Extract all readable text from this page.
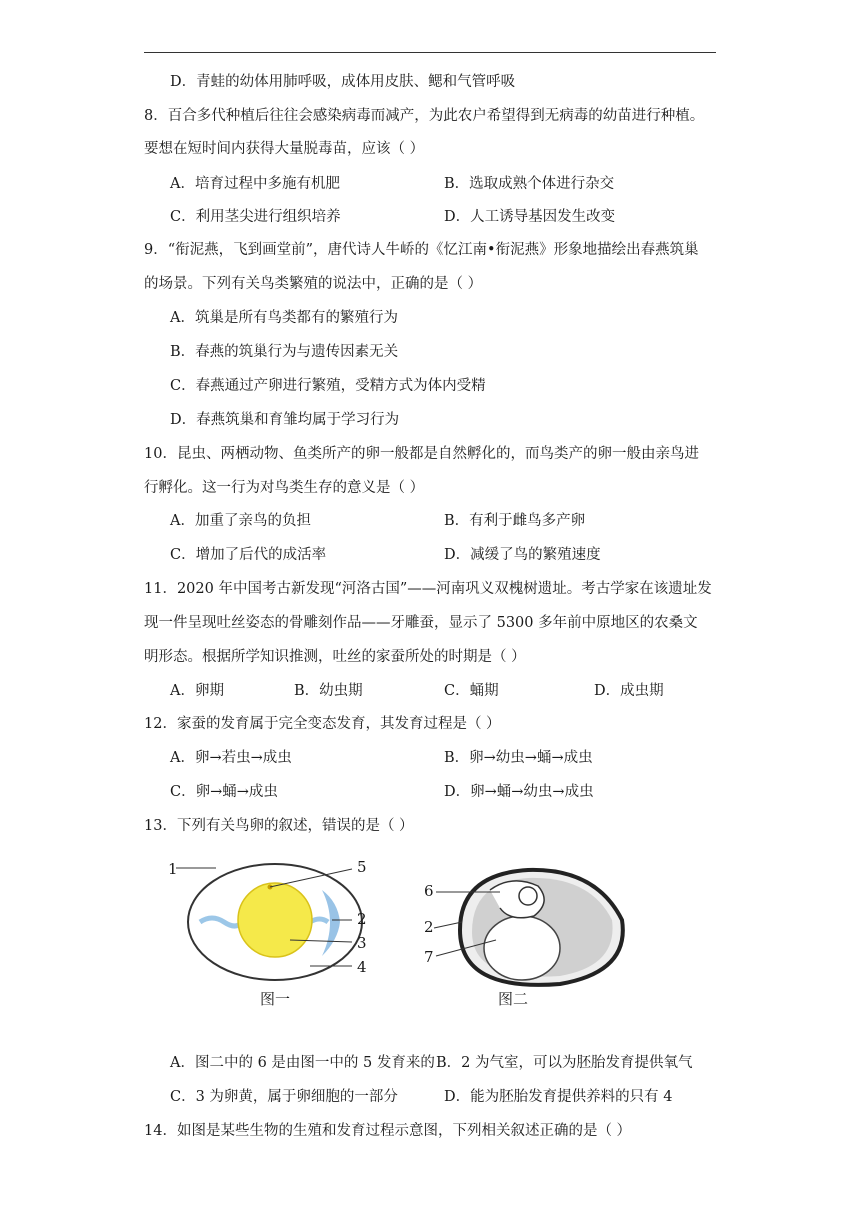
D．青蛙的幼体用肺呼吸，成体用皮肤、鳃和气管呼吸
8．百合多代种植后往往会感染病毒而减产，为此农户希望得到无病毒的幼苗进行种植。
要想在短时间内获得大量脱毒苗，应该（ ）
A．培育过程中多施有机肥	B．选取成熟个体进行杂交
C．利用茎尖进行组织培养	D．人工诱导基因发生改变
9．“衔泥燕，飞到画堂前”，唐代诗人牛峤的《忆江南•衔泥燕》形象地描绘出春燕筑巢
的场景。下列有关鸟类繁殖的说法中，正确的是（ ）
A．筑巢是所有鸟类都有的繁殖行为
B．春燕的筑巢行为与遗传因素无关
C．春燕通过产卵进行繁殖，受精方式为体内受精
D．春燕筑巢和育雏均属于学习行为
10．昆虫、两栖动物、鱼类所产的卵一般都是自然孵化的，而鸟类产的卵一般由亲鸟进
行孵化。这一行为对鸟类生存的意义是（ ）
A．加重了亲鸟的负担	B．有利于雌鸟多产卵
C．增加了后代的成活率	D．减缓了鸟的繁殖速度
11．2020 年中国考古新发现“河洛古国”——河南巩义双槐树遗址。考古学家在该遗址发
现一件呈现吐丝姿态的骨雕刻作品——牙雕蚕，显示了 5300 多年前中原地区的农桑文
明形态。根据所学知识推测，吐丝的家蚕所处的时期是（ ）
A．卵期	B．幼虫期	C．蛹期	D．成虫期
12．家蚕的发育属于完全变态发育，其发育过程是（ ）
A．卵→若虫→成虫	B．卵→幼虫→蛹→成虫
C．卵→蛹→成虫	D．卵→蛹→幼虫→成虫
13．下列有关鸟卵的叙述，错误的是（ ）
1	5
2
3
4
图一
6
2
7
图二
A．图二中的 6 是由图一中的 5 发育来的 B．2 为气室，可以为胚胎发育提供氧气
C．3 为卵黄，属于卵细胞的一部分	D．能为胚胎发育提供养料的只有 4
14．如图是某些生物的生殖和发育过程示意图，下列相关叙述正确的是（ ）
